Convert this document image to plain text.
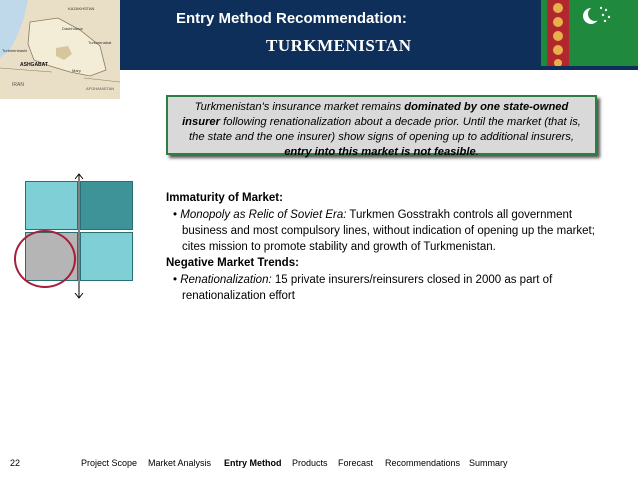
KAZAKHSTAN
Turkmenbashi
Dashhowuz
ASHGABAT
Mary
IRAN
AFGHANISTAN
Turkmenabat
Entry Method Recommendation:
TURKMENISTAN
Turkmenistan's insurance market remains dominated by one state-owned insurer following renationalization about a decade prior. Until the market (that is, the state and the one insurer) show signs of opening up to additional insurers, entry into this market is not feasible.

Immaturity of Market:

• Monopoly as Relic of Soviet Era: Turkmen Gosstrakh controls all government business and most compulsory lines, without indication of opening up the market; cites mission to promote stability and growth of Turkmenistan.

Negative Market Trends:

• Renationalization: 15 private insurers/reinsurers closed in 2000 as part of renationalization effort

22	Project Scope Market Analysis Entry Method Products Forecast Recommendations Summary
